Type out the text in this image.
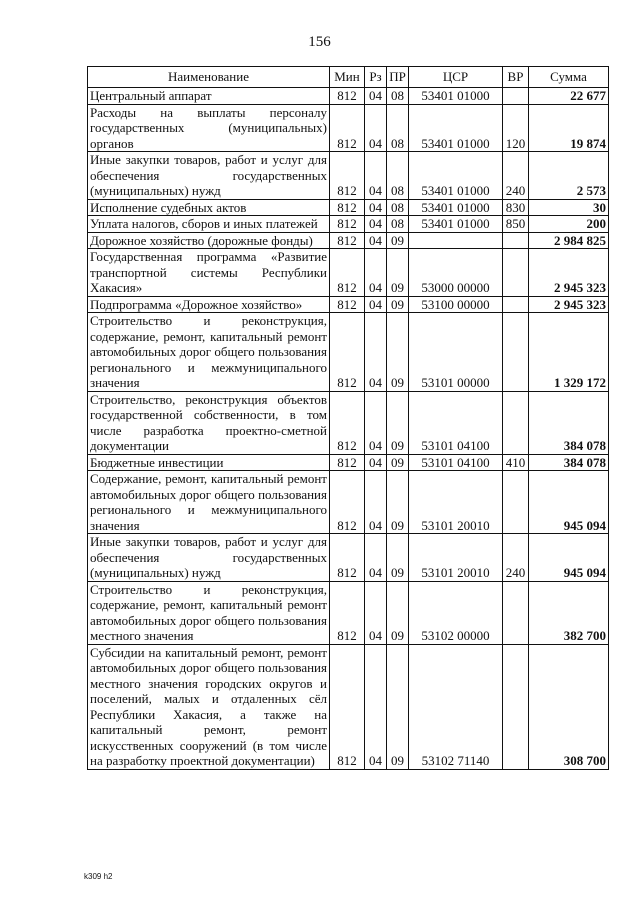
156
Наименование	Мин	Рз	ПР	ЦСР	ВР	Сумма
Центральный аппарат	812	04	08	53401 01000		22 677
Расходы на выплаты персоналу государственных (муниципальных) органов	812	04	08	53401 01000	120	19 874
Иные закупки товаров, работ и услуг для обеспечения государственных (муниципальных) нужд	812	04	08	53401 01000	240	2 573
Исполнение судебных актов	812	04	08	53401 01000	830	30
Уплата налогов, сборов и иных платежей	812	04	08	53401 01000	850	200
Дорожное хозяйство (дорожные фонды)	812	04	09			2 984 825
Государственная программа «Развитие транспортной системы Республики Хакасия»	812	04	09	53000 00000		2 945 323
Подпрограмма «Дорожное хозяйство»	812	04	09	53100 00000		2 945 323
Строительство и реконструкция, содержание, ремонт, капитальный ремонт автомобильных дорог общего пользования регионального и межмуниципального значения	812	04	09	53101 00000		1 329 172
Строительство, реконструкция объектов государственной собственности, в том числе разработка проектно-сметной документации	812	04	09	53101 04100		384 078
Бюджетные инвестиции	812	04	09	53101 04100	410	384 078
Содержание, ремонт, капитальный ремонт автомобильных дорог общего пользования регионального и межмуниципального значения	812	04	09	53101 20010		945 094
Иные закупки товаров, работ и услуг для обеспечения государственных (муниципальных) нужд	812	04	09	53101 20010	240	945 094
Строительство и реконструкция, содержание, ремонт, капитальный ремонт автомобильных дорог общего пользования местного значения	812	04	09	53102 00000		382 700
Субсидии на капитальный ремонт, ремонт автомобильных дорог общего пользования местного значения городских округов и поселений, малых и отдаленных сёл Республики Хакасия, а также на капитальный ремонт, ремонт искусственных сооружений (в том числе на разработку проектной документации)	812	04	09	53102 71140		308 700
k309 h2
